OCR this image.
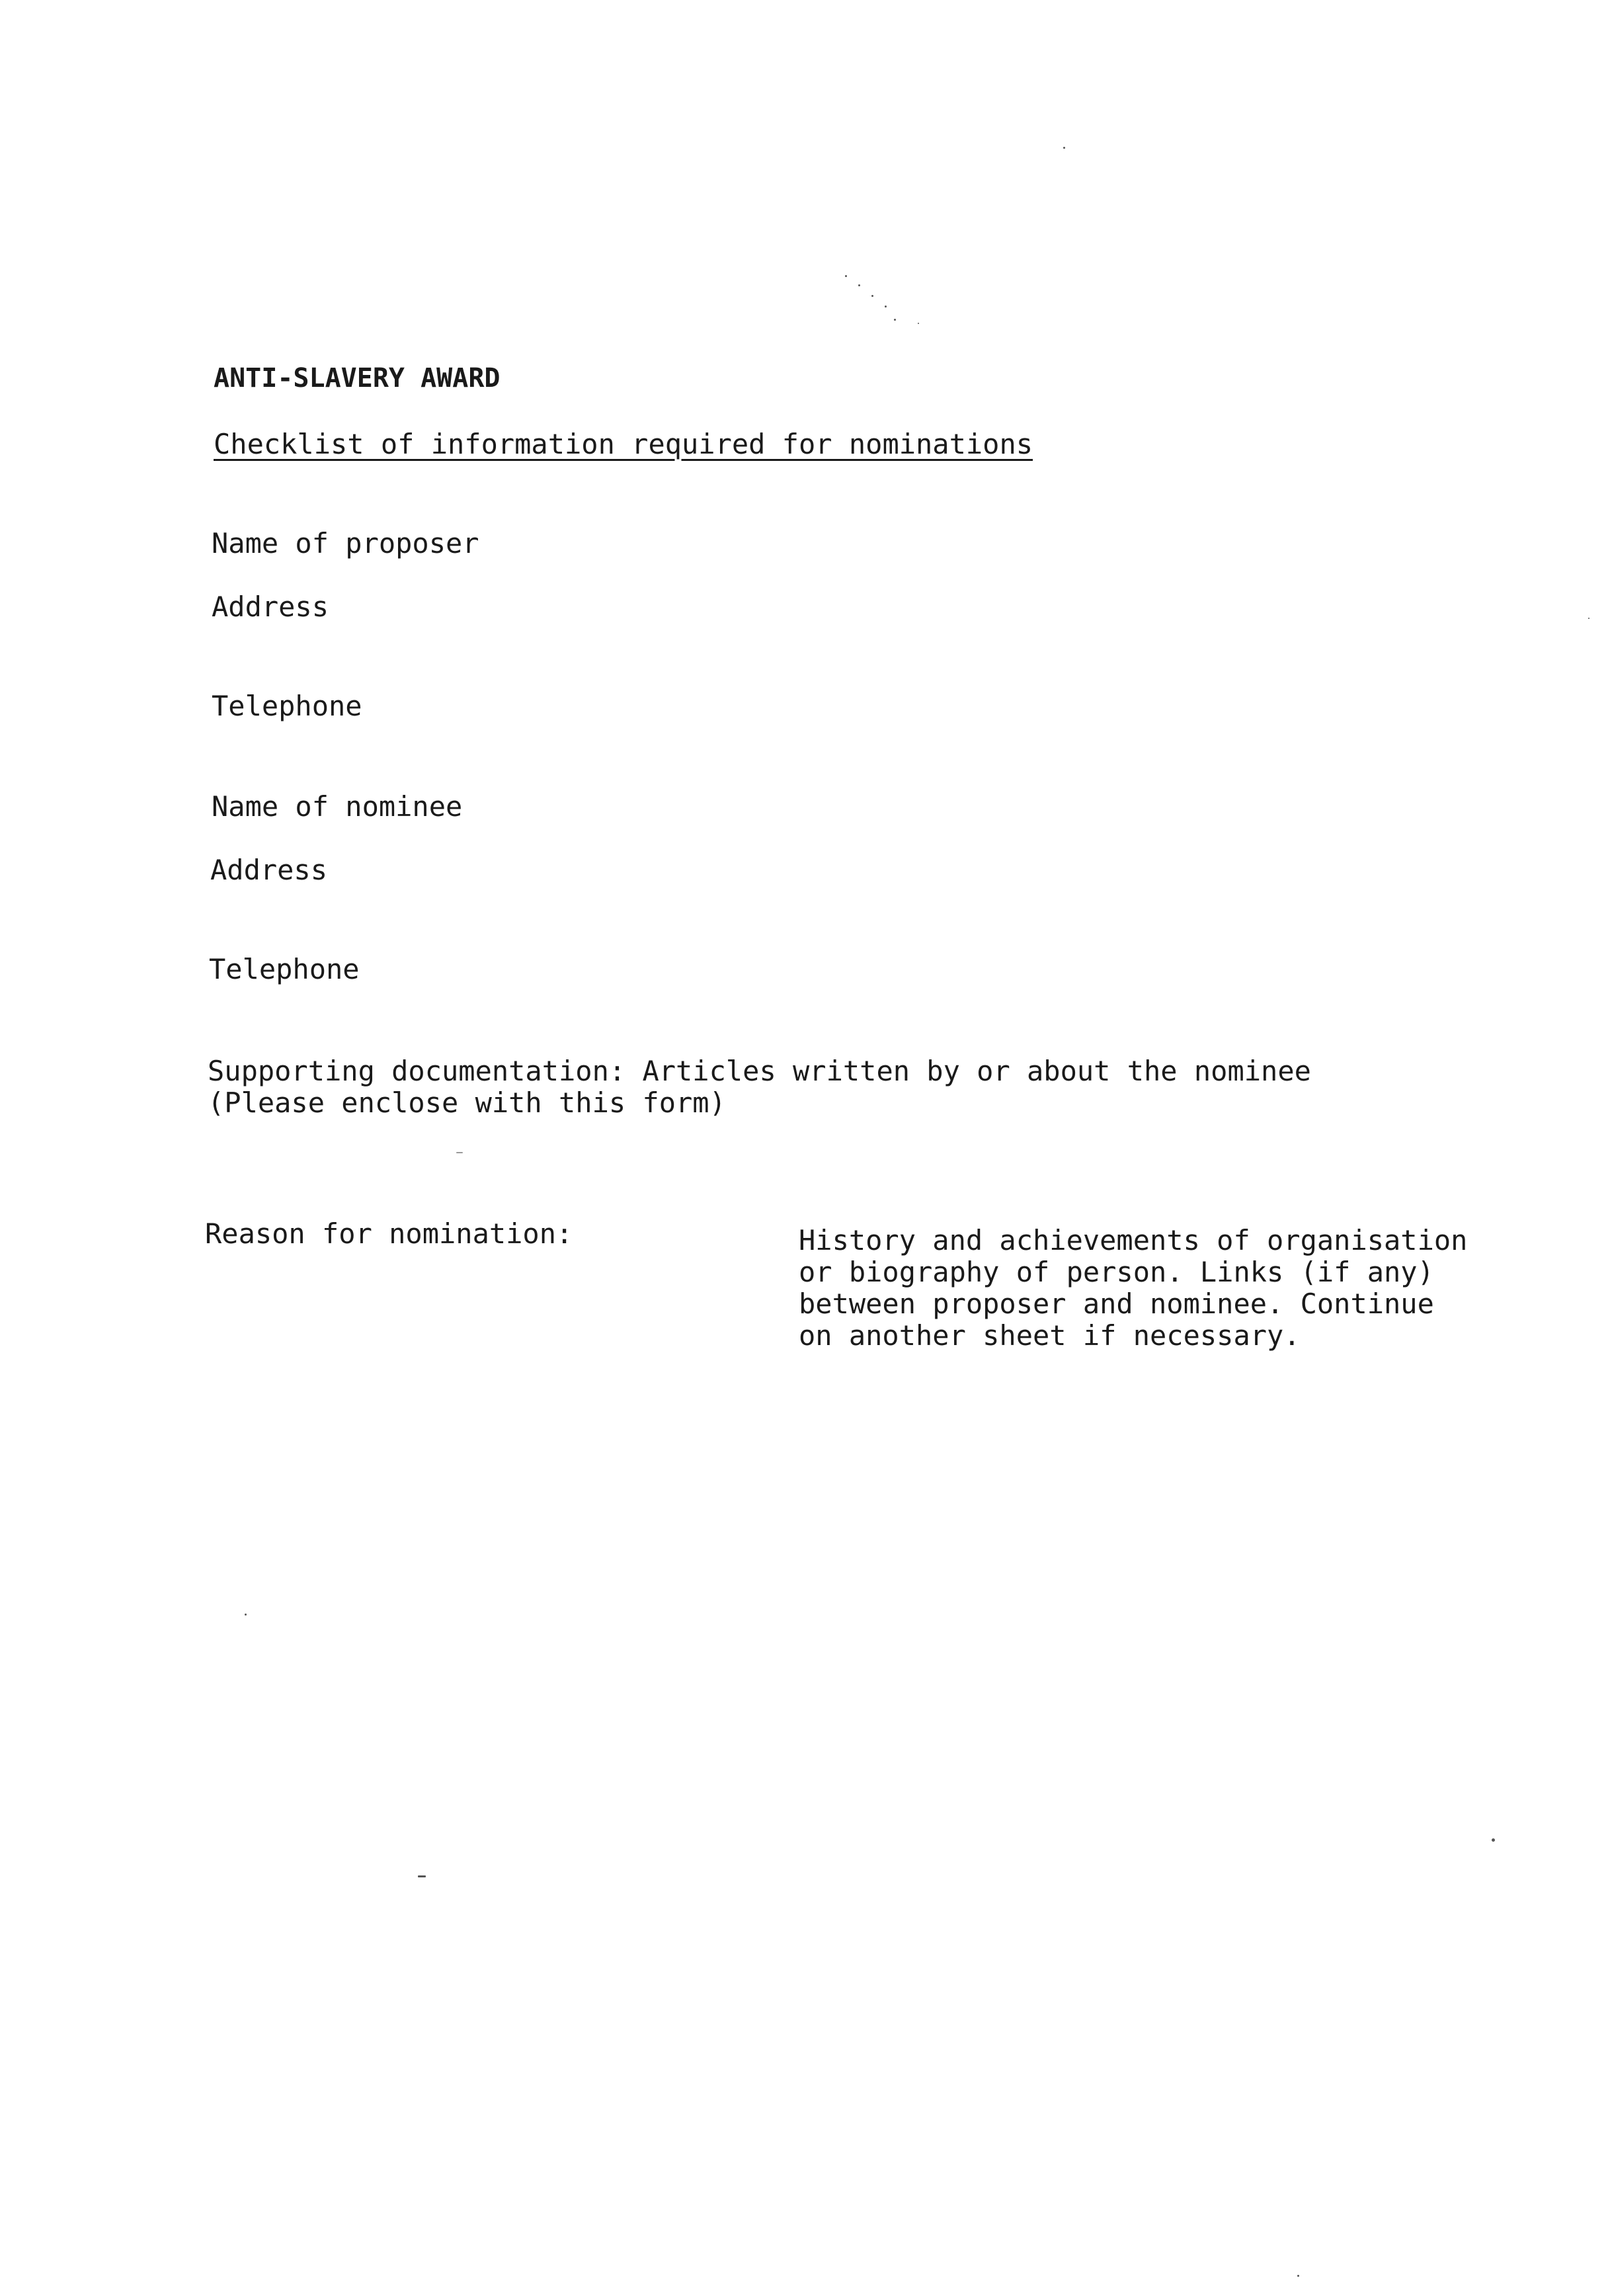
ANTI-SLAVERY AWARD
Checklist of information required for nominations
Name of proposer
Address
Telephone
Name of nominee
Address
Telephone
Supporting documentation: Articles written by or about the nominee
(Please enclose with this form)
Reason for nomination:	History and achievements of organisation
or biography of person. Links (if any)
between proposer and nominee. Continue
on another sheet if necessary.
